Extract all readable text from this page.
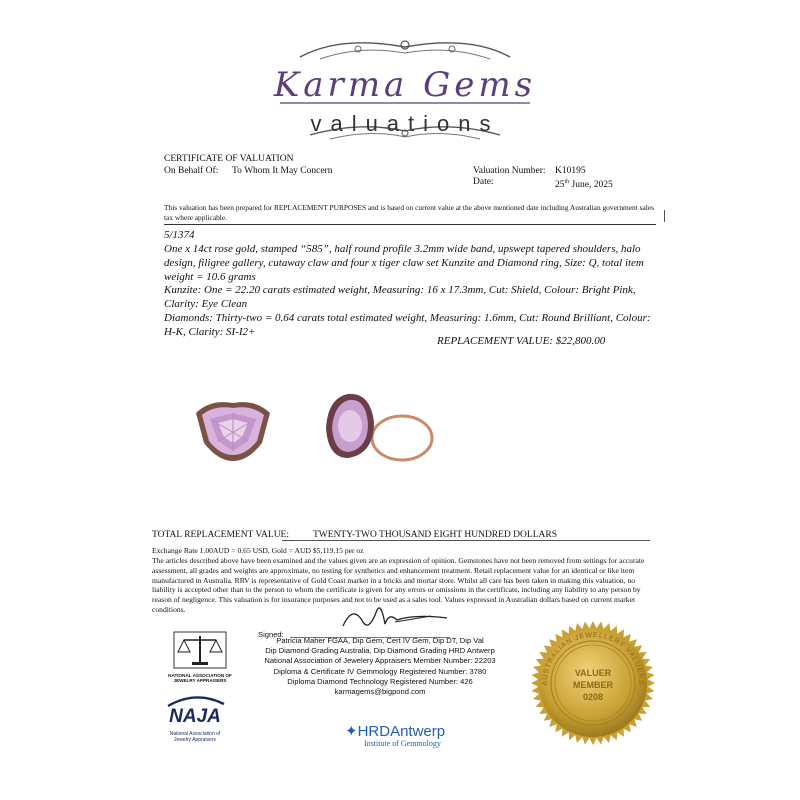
Karma Gems
valuations
CERTIFICATE OF VALUATION
On Behalf Of: To Whom It May Concern	Valuation Number: K10195
Date:	25th June, 2025
This valuation has been prepared for REPLACEMENT PURPOSES and is based on current value at the above mentioned date including Australian government sales tax where applicable.
5/1374
One x 14ct rose gold, stamped “585”, half round profile 3.2mm wide band, upswept tapered shoulders, halo design, filigree gallery, cutaway claw and four x tiger claw set Kunzite and Diamond ring, Size: Q, total item weight = 10.6 grams
Kunzite: One = 22.20 carats estimated weight, Measuring: 16 x 17.3mm, Cut: Shield, Colour: Bright Pink, Clarity: Eye Clean
Diamonds: Thirty-two = 0.64 carats total estimated weight, Measuring: 1.6mm, Cut: Round Brilliant, Colour: H-K, Clarity: SI-I2+
REPLACEMENT VALUE: $22,800.00
TOTAL REPLACEMENT VALUE:	TWENTY-TWO THOUSAND EIGHT HUNDRED DOLLARS
Exchange Rate 1.00AUD = 0.65 USD, Gold = AUD $5,119.15 per oz
The articles described above have been examined and the values given are an expression of opinion. Gemstones have not been removed from settings for accurate assessment, all grades and weights are approximate, no testing for synthetics and enhancement treatment. Retail replacement value for an identical or like item manufactured in Australia. RRV is representative of Gold Coast market in a bricks and mortar store. Whilst all care has been taken in making this valuation, no liability is accepted other than to the person to whom the certificate is given for any errors or omissions in the certificate, including any liability to any person by reason of negligence. This valuation is for insurance purposes and not to be used as a sales tool. Values expressed in Australian dollars based on current market conditions.
Signed:
Patricia Maher FGAA, Dip Gem, Cert IV Gem, Dip DT, Dip Val
Dip Diamond Grading Australia, Dip Diamond Grading HRD Antwerp
National Association of Jewelery Appraisers Member Number: 22203
Diploma & Certificate IV Gemmology Registered Number: 3780
Diploma Diamond Technology Registered Number: 426
karmagems@bigpond.com
NATIONAL ASSOCIATION OF
JEWELRY APPRAISERS
NAJA
National Association of
Jewelry Appraisers	✦HRDAntwerp
Institute of Gemmology
AUSTRALIAN JEWELLERY VALUERS
VALUER
MEMBER
0208
